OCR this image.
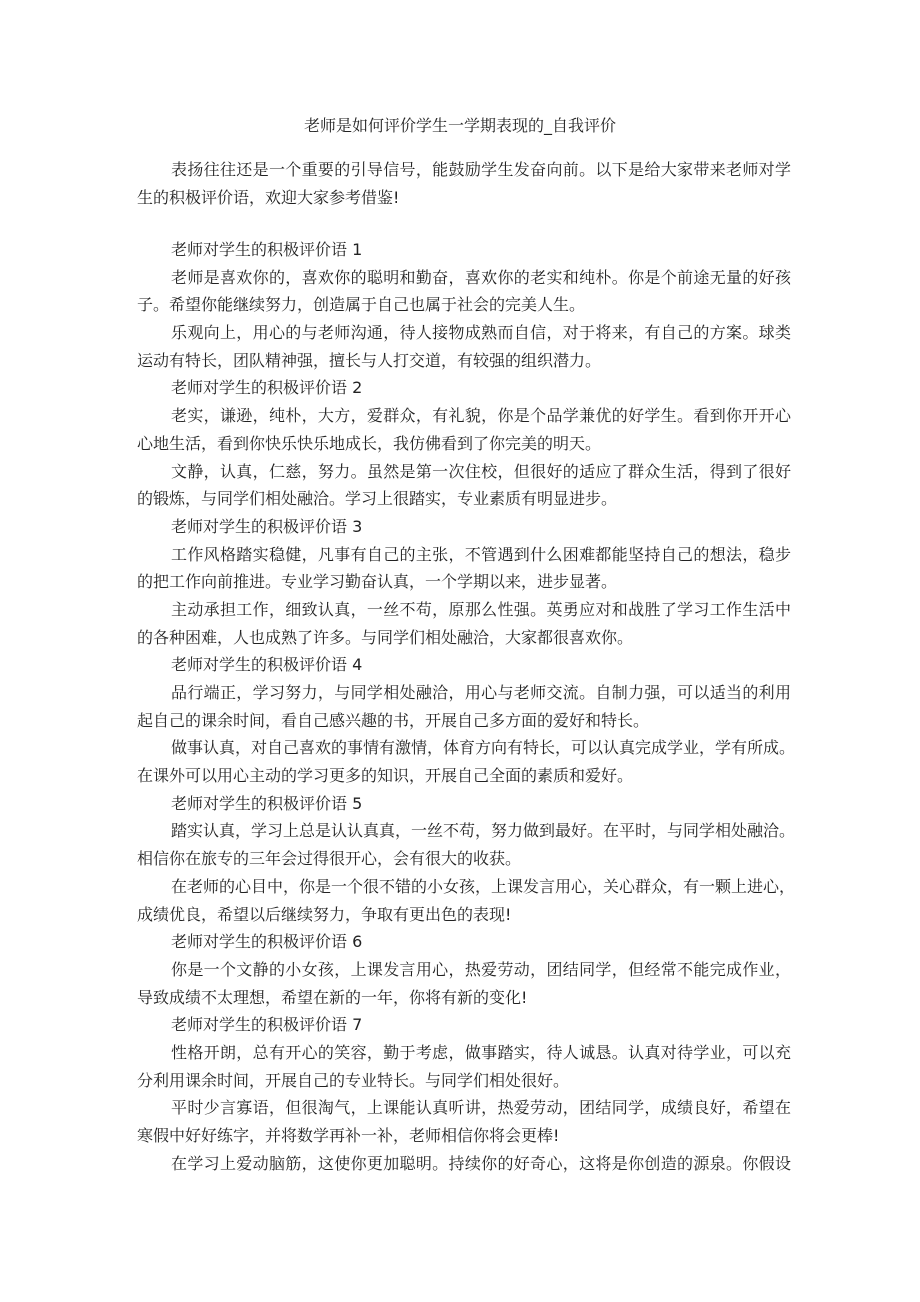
老师是如何评价学生一学期表现的_自我评价
表扬往往还是一个重要的引导信号，能鼓励学生发奋向前。以下是给大家带来老师对学
生的积极评价语，欢迎大家参考借鉴!
老师对学生的积极评价语 1
老师是喜欢你的，喜欢你的聪明和勤奋，喜欢你的老实和纯朴。你是个前途无量的好孩
子。希望你能继续努力，创造属于自己也属于社会的完美人生。
乐观向上，用心的与老师沟通，待人接物成熟而自信，对于将来，有自己的方案。球类
运动有特长，团队精神强，擅长与人打交道，有较强的组织潜力。
老师对学生的积极评价语 2
老实，谦逊，纯朴，大方，爱群众，有礼貌，你是个品学兼优的好学生。看到你开开心
心地生活，看到你快乐快乐地成长，我仿佛看到了你完美的明天。
文静，认真，仁慈，努力。虽然是第一次住校，但很好的适应了群众生活，得到了很好
的锻炼，与同学们相处融洽。学习上很踏实，专业素质有明显进步。
老师对学生的积极评价语 3
工作风格踏实稳健，凡事有自己的主张，不管遇到什么困难都能坚持自己的想法，稳步
的把工作向前推进。专业学习勤奋认真，一个学期以来，进步显著。
主动承担工作，细致认真，一丝不苟，原那么性强。英勇应对和战胜了学习工作生活中
的各种困难，人也成熟了许多。与同学们相处融洽，大家都很喜欢你。
老师对学生的积极评价语 4
品行端正，学习努力，与同学相处融洽，用心与老师交流。自制力强，可以适当的利用
起自己的课余时间，看自己感兴趣的书，开展自己多方面的爱好和特长。
做事认真，对自己喜欢的事情有激情，体育方向有特长，可以认真完成学业，学有所成。
在课外可以用心主动的学习更多的知识，开展自己全面的素质和爱好。
老师对学生的积极评价语 5
踏实认真，学习上总是认认真真，一丝不苟，努力做到最好。在平时，与同学相处融洽。
相信你在旅专的三年会过得很开心，会有很大的收获。
在老师的心目中，你是一个很不错的小女孩，上课发言用心，关心群众，有一颗上进心，
成绩优良，希望以后继续努力，争取有更出色的表现!
老师对学生的积极评价语 6
你是一个文静的小女孩，上课发言用心，热爱劳动，团结同学，但经常不能完成作业，
导致成绩不太理想，希望在新的一年，你将有新的变化!
老师对学生的积极评价语 7
性格开朗，总有开心的笑容，勤于考虑，做事踏实，待人诚恳。认真对待学业，可以充
分利用课余时间，开展自己的专业特长。与同学们相处很好。
平时少言寡语，但很淘气，上课能认真听讲，热爱劳动，团结同学，成绩良好，希望在
寒假中好好练字，并将数学再补一补，老师相信你将会更棒!
在学习上爱动脑筋，这使你更加聪明。持续你的好奇心，这将是你创造的源泉。你假设
